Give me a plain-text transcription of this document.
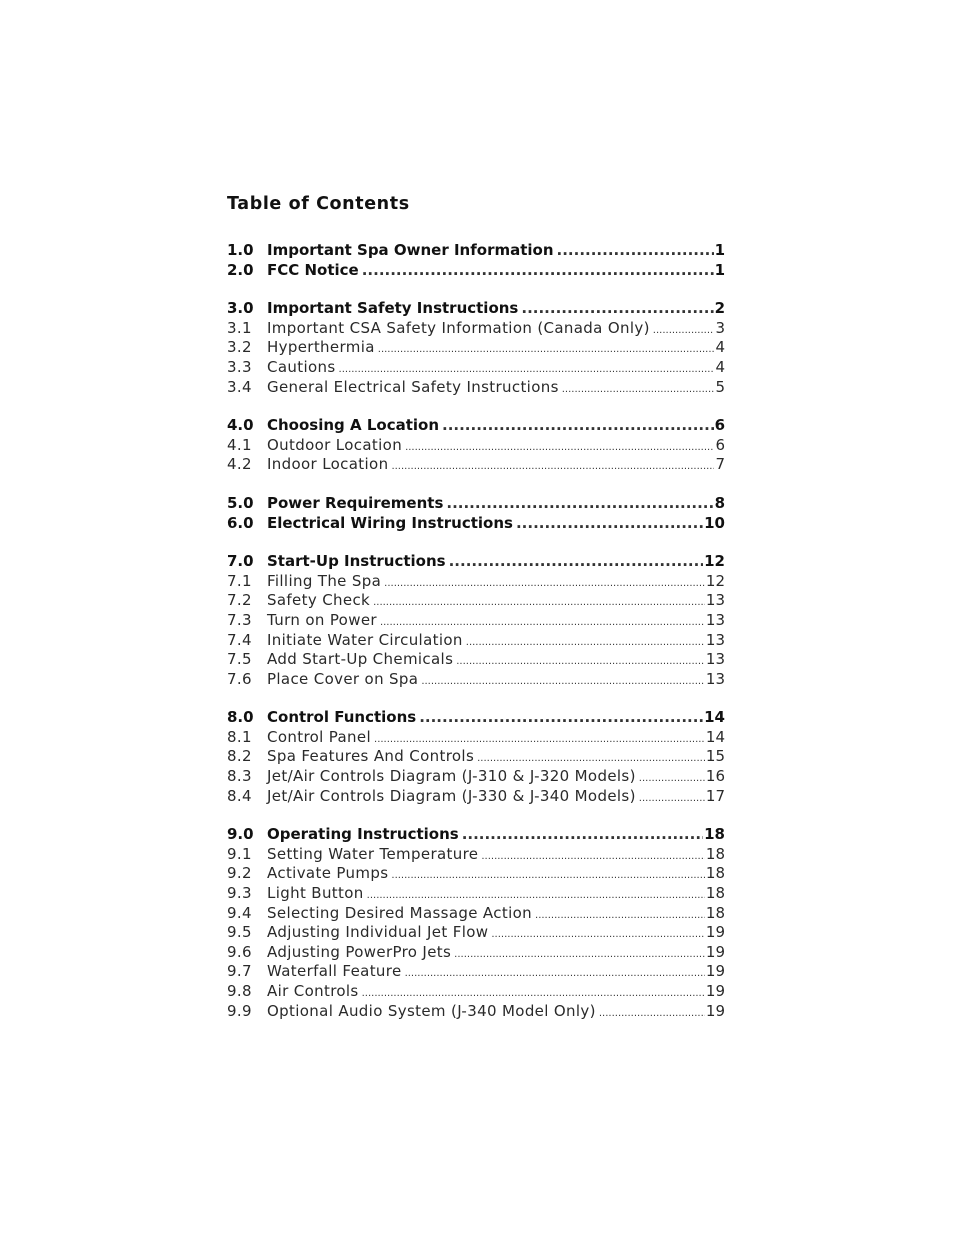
Table of Contents
1.0 Important Spa Owner Information .....	1
2.0 FCC Notice .....	1
3.0 Important Safety Instructions .....	2
3.1	Important CSA Safety Information (Canada Only) .....	3
3.2	Hyperthermia .....	4
3.3	Cautions .....	4
3.4	General Electrical Safety Instructions .....	5
4.0 Choosing A Location .....	6
4.1	Outdoor Location .....	6
4.2	Indoor Location .....	7
5.0 Power Requirements .....	8
6.0 Electrical Wiring Instructions .....	10
7.0 Start-Up Instructions .....	12
7.1	Filling The Spa .....	12
7.2	Safety Check .....	13
7.3	Turn on Power .....	13
7.4	Initiate Water Circulation .....	13
7.5	Add Start-Up Chemicals .....	13
7.6	Place Cover on Spa .....	13
8.0 Control Functions .....	14
8.1	Control Panel .....	14
8.2	Spa Features And Controls .....	15
8.3	Jet/Air Controls Diagram (J-310 & J-320 Models) .....	16
8.4	Jet/Air Controls Diagram (J-330 & J-340 Models) .....	17
9.0 Operating Instructions .....	18
9.1	Setting Water Temperature .....	18
9.2	Activate Pumps .....	18
9.3	Light Button .....	18
9.4	Selecting Desired Massage Action .....	18
9.5	Adjusting Individual Jet Flow .....	19
9.6	Adjusting PowerPro Jets .....	19
9.7	Waterfall Feature .....	19
9.8	Air Controls .....	19
9.9	Optional Audio System (J-340 Model Only) .....	19
